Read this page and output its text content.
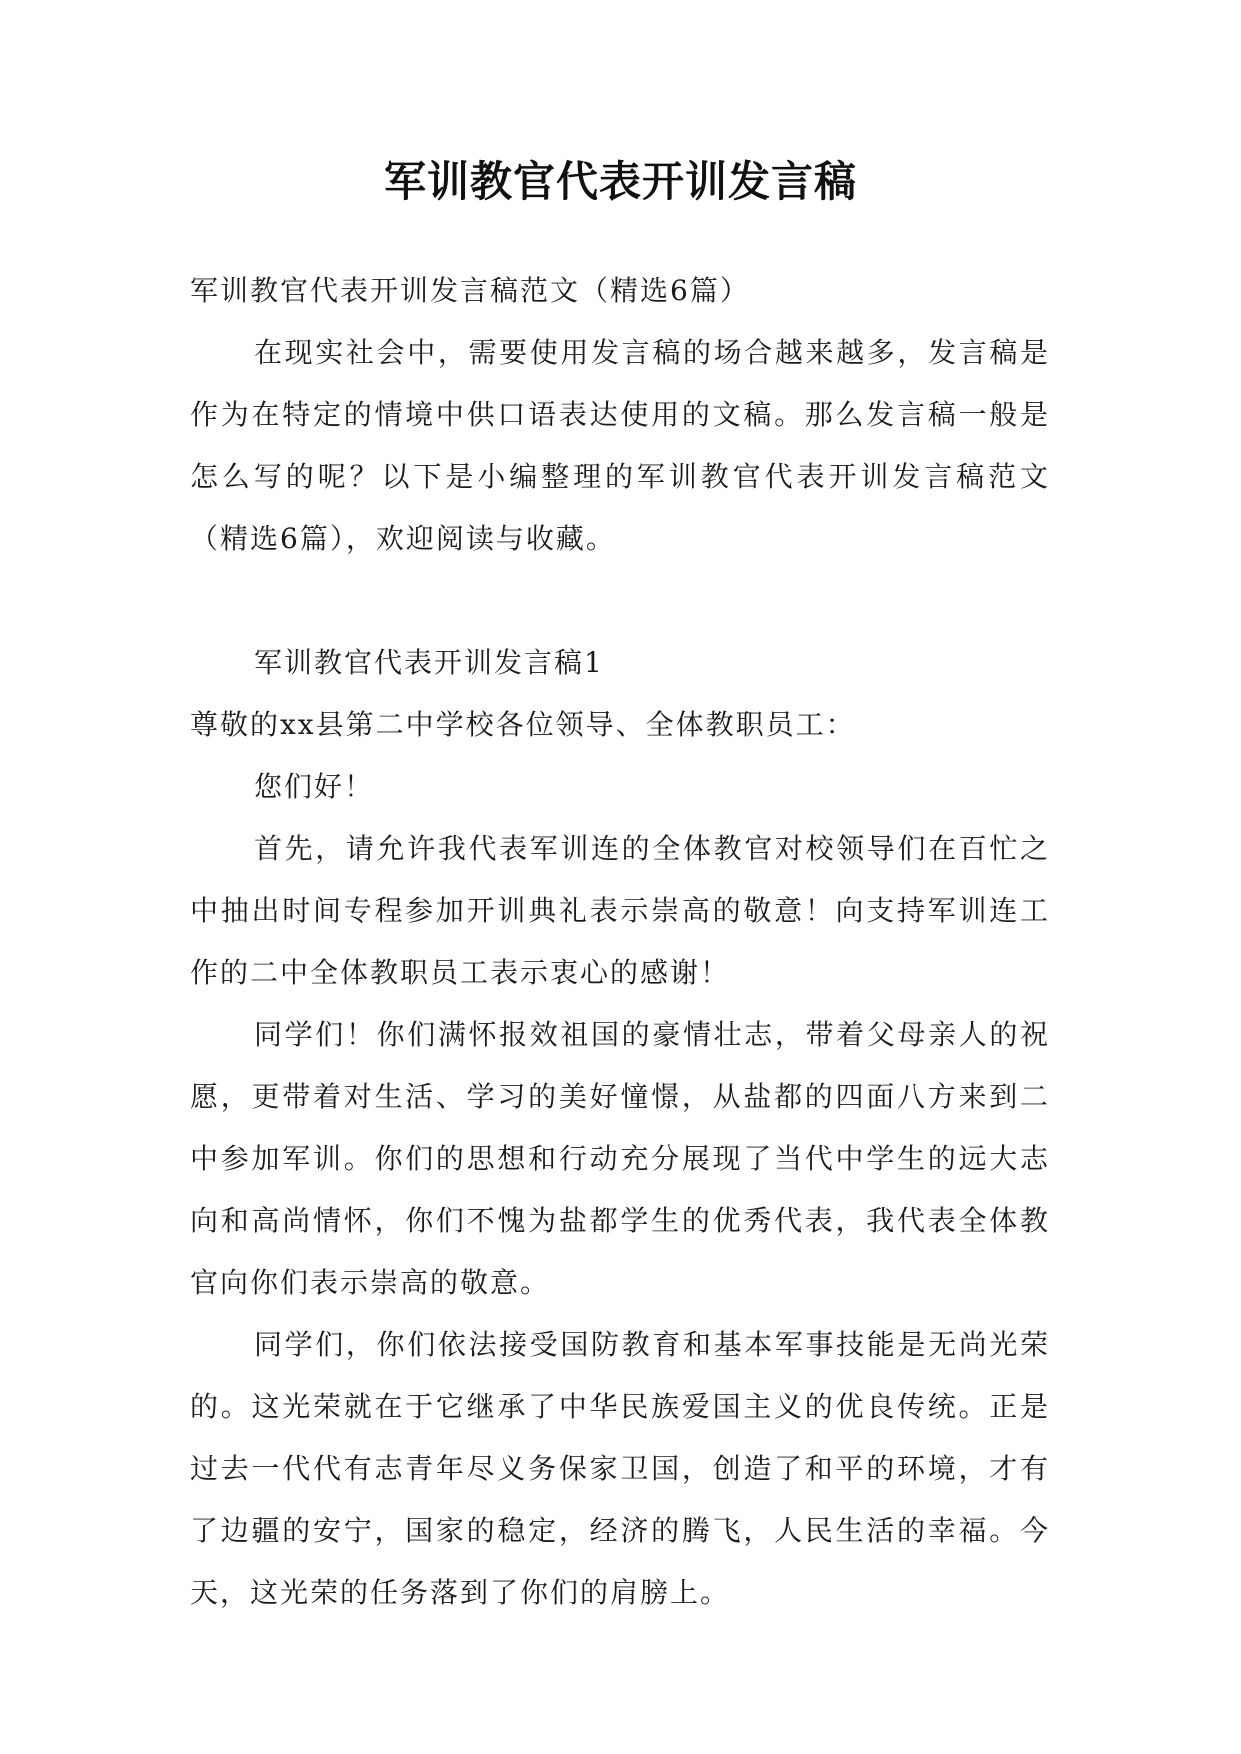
军训教官代表开训发言稿

军训教官代表开训发言稿范文（精选6篇）

在现实社会中，需要使用发言稿的场合越来越多，发言稿是作为在特定的情境中供口语表达使用的文稿。那么发言稿一般是怎么写的呢？以下是小编整理的军训教官代表开训发言稿范文（精选6篇），欢迎阅读与收藏。

军训教官代表开训发言稿1

尊敬的xx县第二中学校各位领导、全体教职员工：

您们好！

首先，请允许我代表军训连的全体教官对校领导们在百忙之中抽出时间专程参加开训典礼表示崇高的敬意！向支持军训连工作的二中全体教职员工表示衷心的感谢！

同学们！你们满怀报效祖国的豪情壮志，带着父母亲人的祝愿，更带着对生活、学习的美好憧憬，从盐都的四面八方来到二中参加军训。你们的思想和行动充分展现了当代中学生的远大志向和高尚情怀，你们不愧为盐都学生的优秀代表，我代表全体教官向你们表示崇高的敬意。

同学们，你们依法接受国防教育和基本军事技能是无尚光荣的。这光荣就在于它继承了中华民族爱国主义的优良传统。正是过去一代代有志青年尽义务保家卫国，创造了和平的环境，才有了边疆的安宁，国家的稳定，经济的腾飞，人民生活的幸福。今天，这光荣的任务落到了你们的肩膀上。
